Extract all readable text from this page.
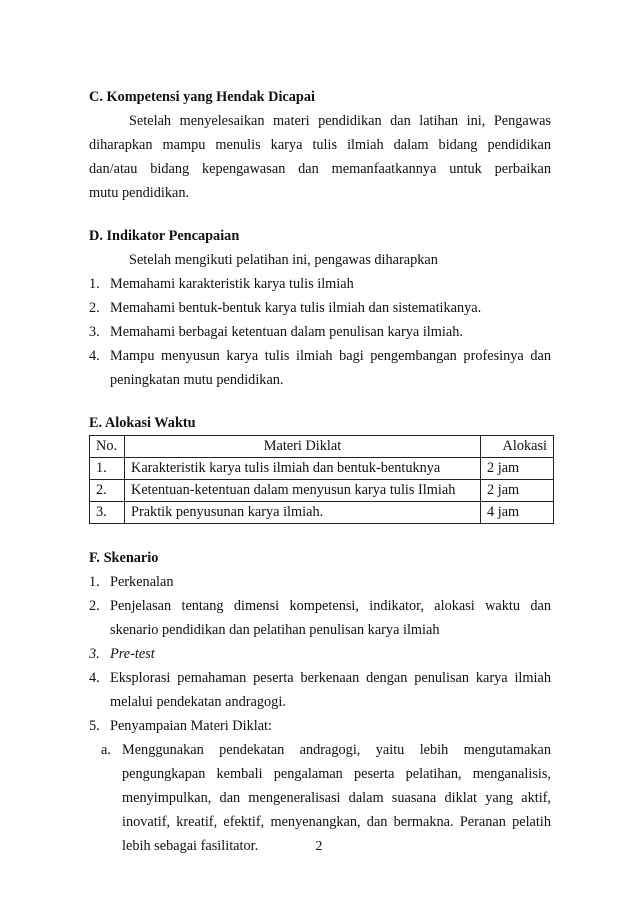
C. Kompetensi yang Hendak Dicapai
Setelah menyelesaikan materi pendidikan dan latihan ini, Pengawas
diharapkan mampu menulis karya tulis ilmiah dalam bidang pendidikan
dan/atau bidang kepengawasan dan memanfaatkannya untuk perbaikan
mutu pendidikan.
D. Indikator Pencapaian
Setelah mengikuti pelatihan ini, pengawas diharapkan
1. Memahami karakteristik karya tulis ilmiah
2. Memahami bentuk-bentuk karya tulis ilmiah dan sistematikanya.
3. Memahami berbagai ketentuan dalam penulisan karya ilmiah.
4. Mampu menyusun karya tulis ilmiah bagi pengembangan profesinya dan
peningkatan mutu pendidikan.
E. Alokasi Waktu
No.	Materi Diklat	Alokasi
1.	Karakteristik karya tulis ilmiah dan bentuk-bentuknya	2 jam
2.	Ketentuan-ketentuan dalam menyusun karya tulis Ilmiah	2 jam
3.	Praktik penyusunan karya ilmiah.	4 jam
F. Skenario
1. Perkenalan
2. Penjelasan tentang dimensi kompetensi, indikator, alokasi waktu dan
skenario pendidikan dan pelatihan penulisan karya ilmiah
3. Pre-test
4. Eksplorasi pemahaman peserta berkenaan dengan penulisan karya ilmiah
melalui pendekatan andragogi.
5. Penyampaian Materi Diklat:
a. Menggunakan pendekatan andragogi, yaitu lebih mengutamakan
pengungkapan kembali pengalaman peserta pelatihan, menganalisis,
menyimpulkan, dan mengeneralisasi dalam suasana diklat yang aktif,
inovatif, kreatif, efektif, menyenangkan, dan bermakna. Peranan pelatih
lebih sebagai fasilitator.	2
